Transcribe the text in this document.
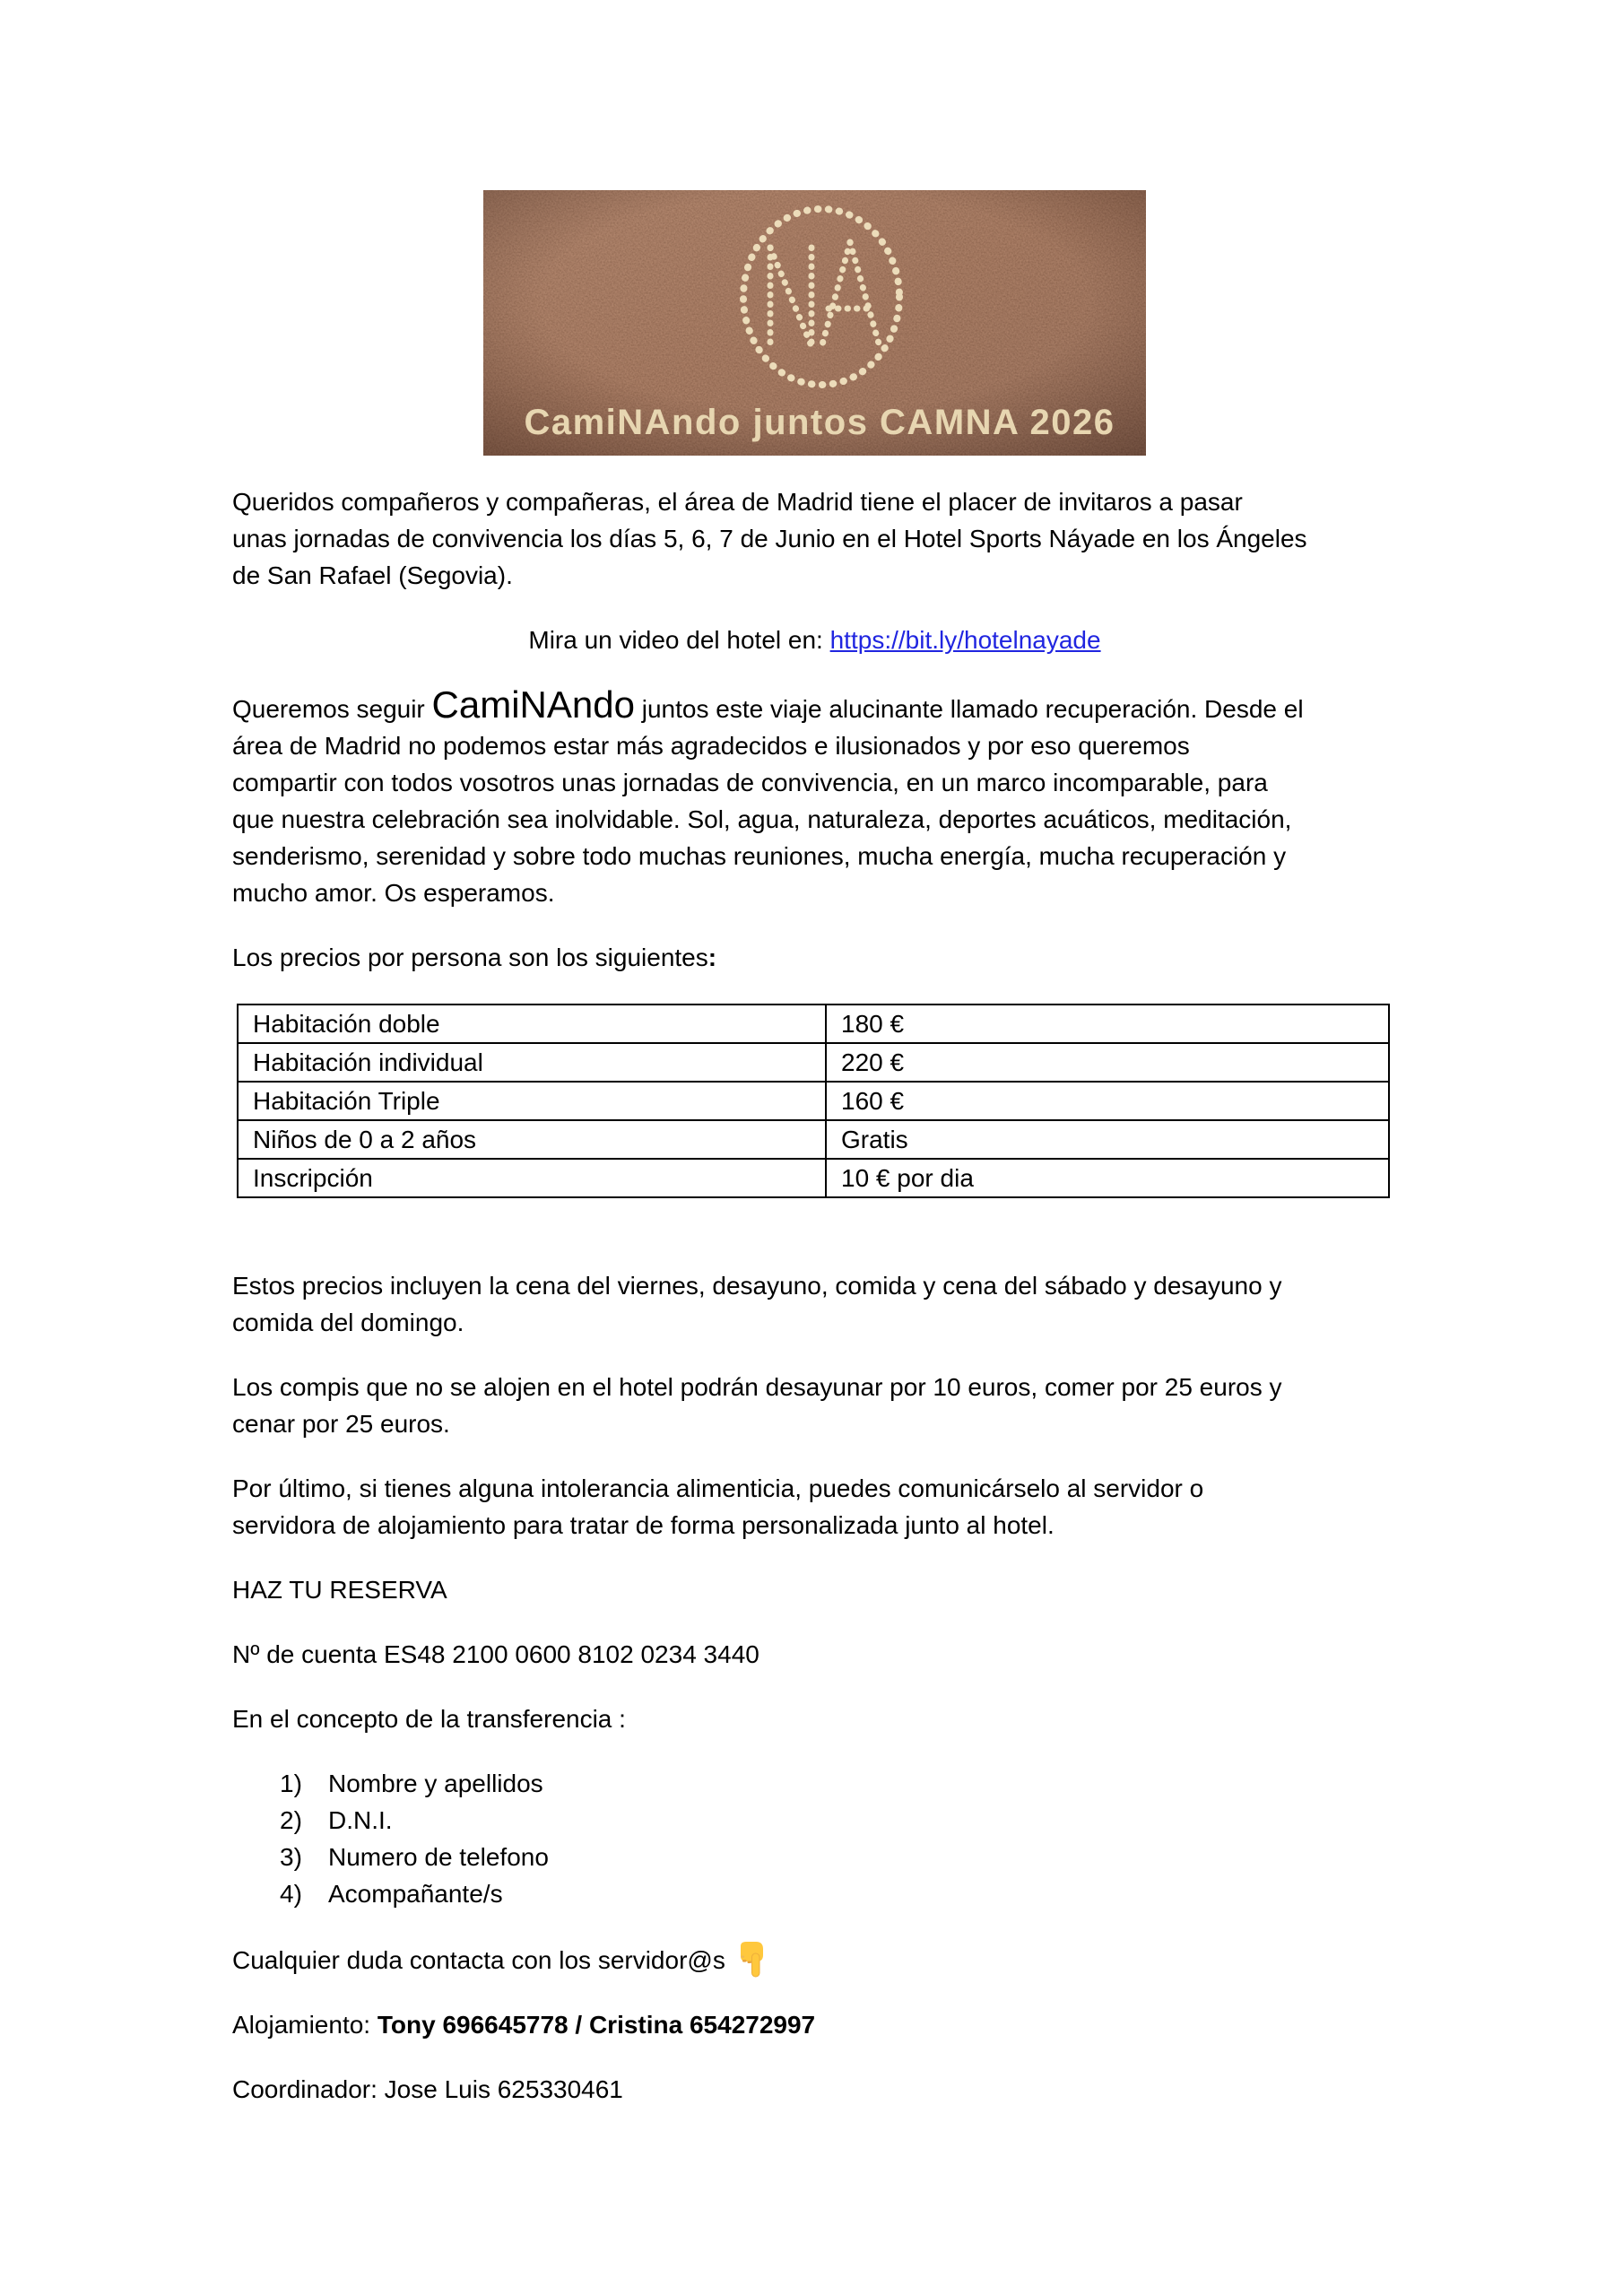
CamiNAndo juntos CAMNA 2026

Queridos compañeros y compañeras, el área de Madrid tiene el placer de invitaros a pasar
unas jornadas de convivencia los días 5, 6, 7 de Junio en el Hotel Sports Náyade en los Ángeles
de San Rafael (Segovia).

Mira un video del hotel en: https://bit.ly/hotelnayade

Queremos seguir CamiNAndo juntos este viaje alucinante llamado recuperación. Desde el
área de Madrid no podemos estar más agradecidos e ilusionados y por eso queremos
compartir con todos vosotros unas jornadas de convivencia, en un marco incomparable, para
que nuestra celebración sea inolvidable. Sol, agua, naturaleza, deportes acuáticos, meditación,
senderismo, serenidad y sobre todo muchas reuniones, mucha energía, mucha recuperación y
mucho amor. Os esperamos.

Los precios por persona son los siguientes:

Habitación doble	180 €
Habitación individual	220 €
Habitación Triple	160 €
Niños de 0 a 2 años	Gratis
Inscripción	10 € por dia

Estos precios incluyen la cena del viernes, desayuno, comida y cena del sábado y desayuno y
comida del domingo.

Los compis que no se alojen en el hotel podrán desayunar por 10 euros, comer por 25 euros y
cenar por 25 euros.

Por último, si tienes alguna intolerancia alimenticia, puedes comunicárselo al servidor o
servidora de alojamiento para tratar de forma personalizada junto al hotel.

HAZ TU RESERVA

Nº de cuenta ES48 2100 0600 8102 0234 3440

En el concepto de la transferencia :

1) Nombre y apellidos
2) D.N.I.
3) Numero de telefono
4) Acompañante/s

Cualquier duda contacta con los servidor@s

Alojamiento: Tony 696645778 / Cristina 654272997

Coordinador: Jose Luis 625330461
